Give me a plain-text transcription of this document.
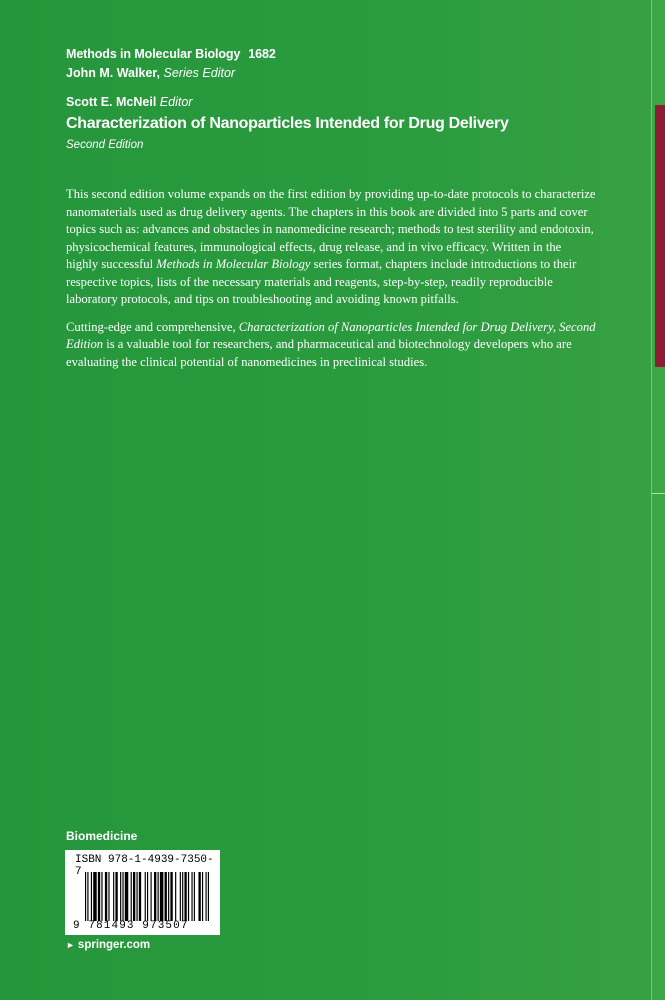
Methods in Molecular Biology 1682
John M. Walker, Series Editor
Scott E. McNeil Editor
Characterization of Nanoparticles Intended for Drug Delivery
Second Edition

This second edition volume expands on the first edition by providing up-to-date protocols to characterize nanomaterials used as drug delivery agents. The chapters in this book are divided into 5 parts and cover topics such as: advances and obstacles in nanomedicine research; methods to test sterility and endotoxin, physicochemical features, immunological effects, drug release, and in vivo efficacy. Written in the highly successful Methods in Molecular Biology series format, chapters include introductions to their respective topics, lists of the necessary materials and reagents, step-by-step, readily reproducible laboratory protocols, and tips on troubleshooting and avoiding known pitfalls.

Cutting-edge and comprehensive, Characterization of Nanoparticles Intended for Drug Delivery, Second Edition is a valuable tool for researchers, and pharmaceutical and biotechnology developers who are evaluating the clinical potential of nanomedicines in preclinical studies.

Biomedicine
ISBN 978-1-4939-7350-7
9 781493 973507
► springer.com
